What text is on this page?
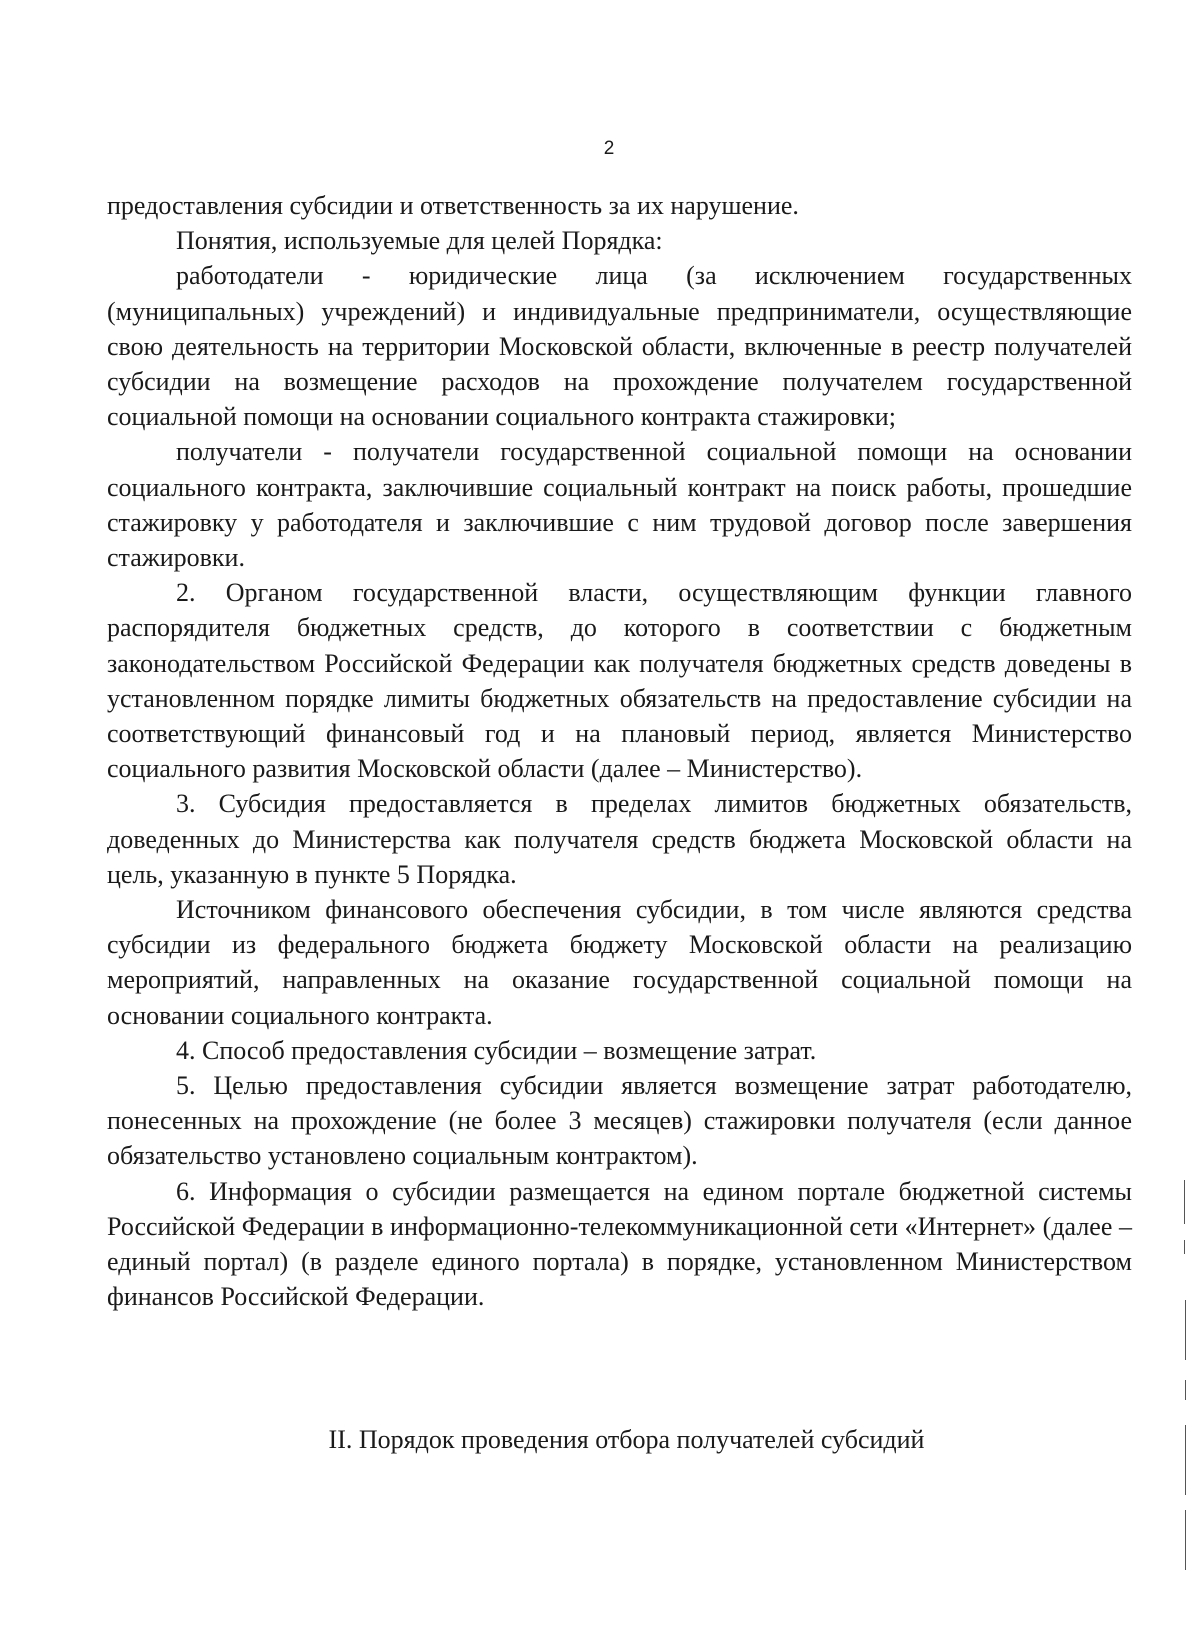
2

предоставления субсидии и ответственность за их нарушение.

Понятия, используемые для целей Порядка:

работодатели - юридические лица (за исключением государственных (муниципальных) учреждений) и индивидуальные предприниматели, осуществляющие свою деятельность на территории Московской области, включенные в реестр получателей субсидии на возмещение расходов на прохождение получателем государственной социальной помощи на основании социального контракта стажировки;

получатели - получатели государственной социальной помощи на основании социального контракта, заключившие социальный контракт на поиск работы, прошедшие стажировку у работодателя и заключившие с ним трудовой договор после завершения стажировки.

2. Органом государственной власти, осуществляющим функции главного распорядителя бюджетных средств, до которого в соответствии с бюджетным законодательством Российской Федерации как получателя бюджетных средств доведены в установленном порядке лимиты бюджетных обязательств на предоставление субсидии на соответствующий финансовый год и на плановый период, является Министерство социального развития Московской области (далее – Министерство).

3. Субсидия предоставляется в пределах лимитов бюджетных обязательств, доведенных до Министерства как получателя средств бюджета Московской области на цель, указанную в пункте 5 Порядка.

Источником финансового обеспечения субсидии, в том числе являются средства субсидии из федерального бюджета бюджету Московской области на реализацию мероприятий, направленных на оказание государственной социальной помощи на основании социального контракта.

4. Способ предоставления субсидии – возмещение затрат.

5. Целью предоставления субсидии является возмещение затрат работодателю, понесенных на прохождение (не более 3 месяцев) стажировки получателя (если данное обязательство установлено социальным контрактом).

6. Информация о субсидии размещается на едином портале бюджетной системы Российской Федерации в информационно-телекоммуникационной сети «Интернет» (далее – единый портал) (в разделе единого портала) в порядке, установленном Министерством финансов Российской Федерации.

II. Порядок проведения отбора получателей субсидий
